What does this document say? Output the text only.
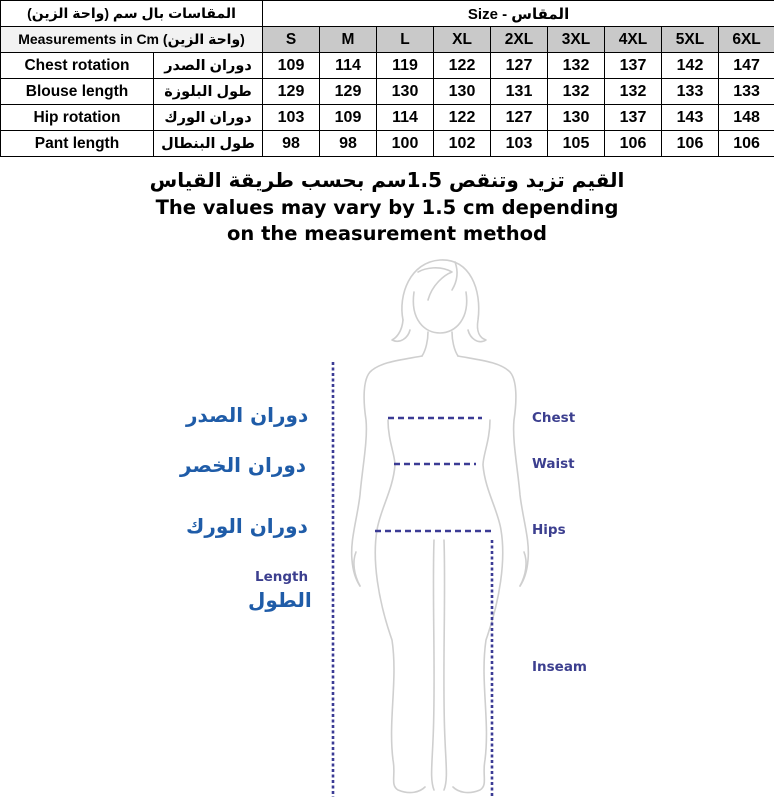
المقاسات بال سم (واحة الزين)		Size - المقاس								
Measurements in Cm (واحة الزين)		S	M	L	XL	2XL	3XL	4XL	5XL	6XL
Chest rotation	دوران الصدر	109	114	119	122	127	132	137	142	147
Blouse length	طول البلوزة	129	129	130	130	131	132	132	133	133
Hip rotation	دوران الورك	103	109	114	122	127	130	137	143	148
Pant length	طول البنطال	98	98	100	102	103	105	106	106	106
القيم تزيد وتنقص 1.5سم بحسب طريقة القياس
The values may vary by 1.5 cm depending
on the measurement method
دوران الصدر
دوران الخصر
دوران الورك
Length
الطول
Chest
Waist
Hips
Inseam
